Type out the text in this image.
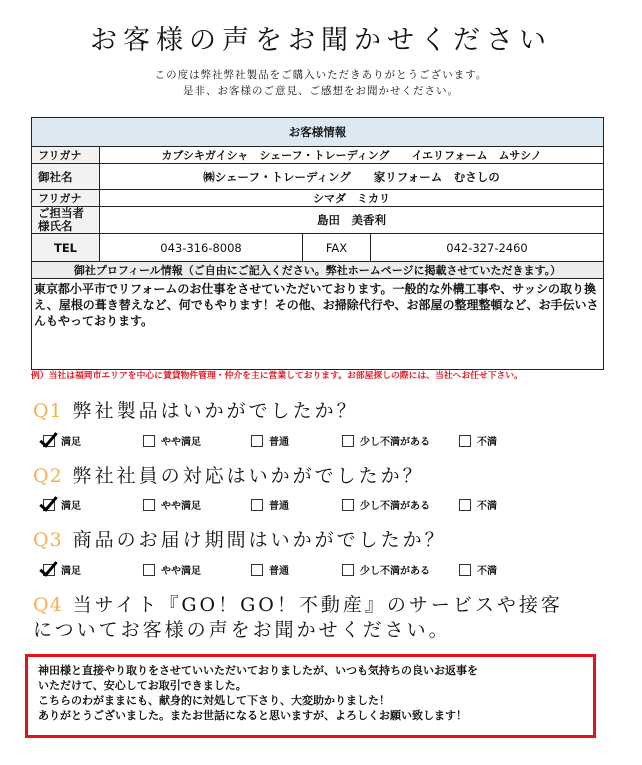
お客様の声をお聞かせください
この度は弊社弊社製品をご購入いただきありがとうございます。
是非、お客様のご意見、ご感想をお聞かせください。
お客様情報			
フリガナ	カブシキガイシャ　シェーフ・トレーディング　　イエリフォーム　ムサシノ		
御社名	㈱シェーフ・トレーディング　　家リフォーム　むさしの		
フリガナ	シマダ　ミカリ		
ご担当者様氏名	島田　美香利		
TEL	043-316-8008	FAX	042-327-2460
御社プロフィール情報（ご自由にご記入ください。弊社ホームページに掲載させていただきます。）			
東京都小平市でリフォームのお仕事をさせていただいております。一般的な外構工事や、サッシの取り換え、屋根の葺き替えなど、何でもやります！その他、お掃除代行や、お部屋の整理整頓など、お手伝いさんもやっております。			
例）当社は福岡市エリアを中心に賃貸物件管理・仲介を主に営業しております。お部屋探しの際には、当社へお任せ下さい。
Q1 弊社製品はいかがでしたか？
満足	やや満足	普通	少し不満がある	不満
Q2 弊社社員の対応はいかがでしたか？
満足	やや満足	普通	少し不満がある	不満
Q3 商品のお届け期間はいかがでしたか？
満足	やや満足	普通	少し不満がある	不満
Q4 当サイト『GO！GO！不動産』のサービスや接客
についてお客様の声をお聞かせください。
神田様と直接やり取りをさせていいただいておりましたが、いつも気持ちの良いお返事を
いただけて、安心してお取引できました。
こちらのわがままにも、献身的に対処して下さり、大変助かりました！
ありがとうございました。またお世話になると思いますが、よろしくお願い致します！
